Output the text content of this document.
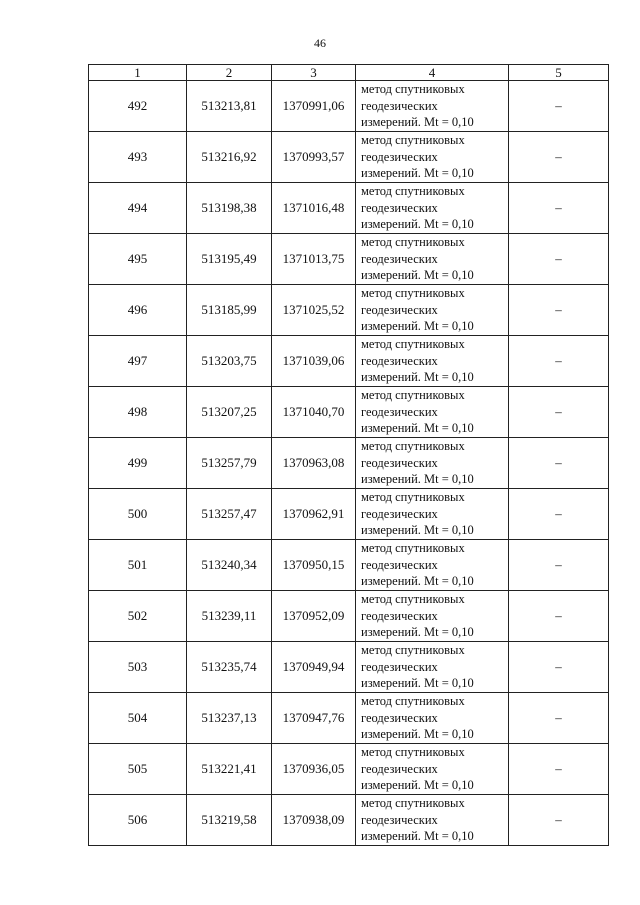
46
1	2	3	4	5
492	513213,81	1370991,06	метод спутниковых
геодезических
измерений. Mt = 0,10	–
493	513216,92	1370993,57	метод спутниковых
геодезических
измерений. Mt = 0,10	–
494	513198,38	1371016,48	метод спутниковых
геодезических
измерений. Mt = 0,10	–
495	513195,49	1371013,75	метод спутниковых
геодезических
измерений. Mt = 0,10	–
496	513185,99	1371025,52	метод спутниковых
геодезических
измерений. Mt = 0,10	–
497	513203,75	1371039,06	метод спутниковых
геодезических
измерений. Mt = 0,10	–
498	513207,25	1371040,70	метод спутниковых
геодезических
измерений. Mt = 0,10	–
499	513257,79	1370963,08	метод спутниковых
геодезических
измерений. Mt = 0,10	–
500	513257,47	1370962,91	метод спутниковых
геодезических
измерений. Mt = 0,10	–
501	513240,34	1370950,15	метод спутниковых
геодезических
измерений. Mt = 0,10	–
502	513239,11	1370952,09	метод спутниковых
геодезических
измерений. Mt = 0,10	–
503	513235,74	1370949,94	метод спутниковых
геодезических
измерений. Mt = 0,10	–
504	513237,13	1370947,76	метод спутниковых
геодезических
измерений. Mt = 0,10	–
505	513221,41	1370936,05	метод спутниковых
геодезических
измерений. Mt = 0,10	–
506	513219,58	1370938,09	метод спутниковых
геодезических
измерений. Mt = 0,10	–
